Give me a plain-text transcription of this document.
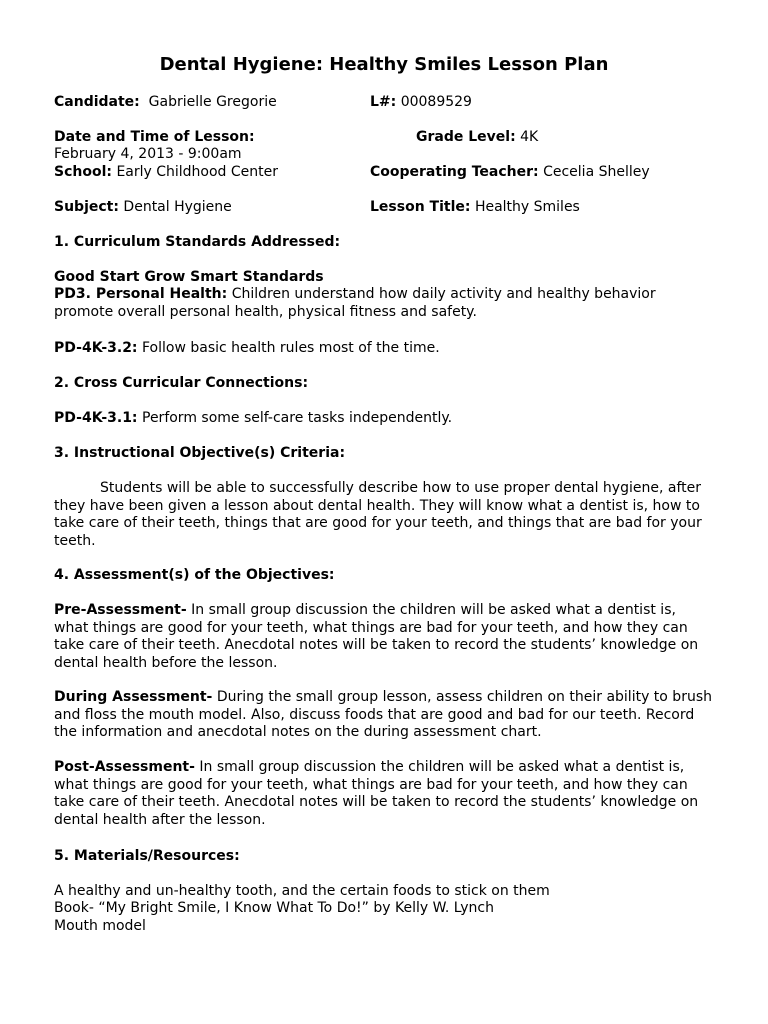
Dental Hygiene: Healthy Smiles Lesson Plan
Candidate: Gabrielle Gregorie	L#: 00089529
Date and Time of Lesson:	Grade Level: 4K
February 4, 2013 - 9:00am
School: Early Childhood Center	Cooperating Teacher: Cecelia Shelley
Subject: Dental Hygiene	Lesson Title: Healthy Smiles
1. Curriculum Standards Addressed:
Good Start Grow Smart Standards
PD3. Personal Health: Children understand how daily activity and healthy behavior promote overall personal health, physical fitness and safety.
PD-4K-3.2: Follow basic health rules most of the time.
2. Cross Curricular Connections:
PD-4K-3.1: Perform some self-care tasks independently.
3. Instructional Objective(s) Criteria:
Students will be able to successfully describe how to use proper dental hygiene, after they have been given a lesson about dental health. They will know what a dentist is, how to take care of their teeth, things that are good for your teeth, and things that are bad for your teeth.
4. Assessment(s) of the Objectives:
Pre-Assessment- In small group discussion the children will be asked what a dentist is, what things are good for your teeth, what things are bad for your teeth, and how they can take care of their teeth. Anecdotal notes will be taken to record the students’ knowledge on dental health before the lesson.
During Assessment- During the small group lesson, assess children on their ability to brush and floss the mouth model. Also, discuss foods that are good and bad for our teeth. Record the information and anecdotal notes on the during assessment chart.
Post-Assessment- In small group discussion the children will be asked what a dentist is, what things are good for your teeth, what things are bad for your teeth, and how they can take care of their teeth. Anecdotal notes will be taken to record the students’ knowledge on dental health after the lesson.
5. Materials/Resources:
A healthy and un-healthy tooth, and the certain foods to stick on them
Book- “My Bright Smile, I Know What To Do!” by Kelly W. Lynch
Mouth model
